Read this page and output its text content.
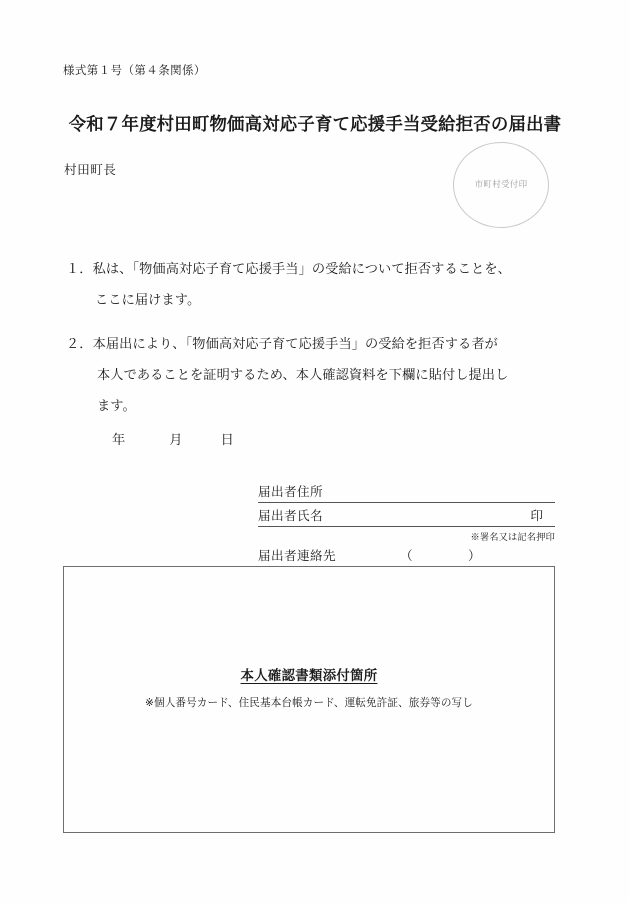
様式第１号（第４条関係）
令和７年度村田町物価高対応子育て応援手当受給拒否の届出書
村田町長
市町村受付印
１．私は、「物価高対応子育て応援手当」の受給について拒否することを、
ここに届けます。
２．本届出により、「物価高対応子育て応援手当」の受給を拒否する者が
本人であることを証明するため、本人確認資料を下欄に貼付し提出し
ます。
年	月	日
届出者住所
届出者氏名	印
※署名又は記名押印
届出者連絡先	（	）
本人確認書類添付箇所
※個人番号カード、住民基本台帳カード、運転免許証、旅券等の写し
